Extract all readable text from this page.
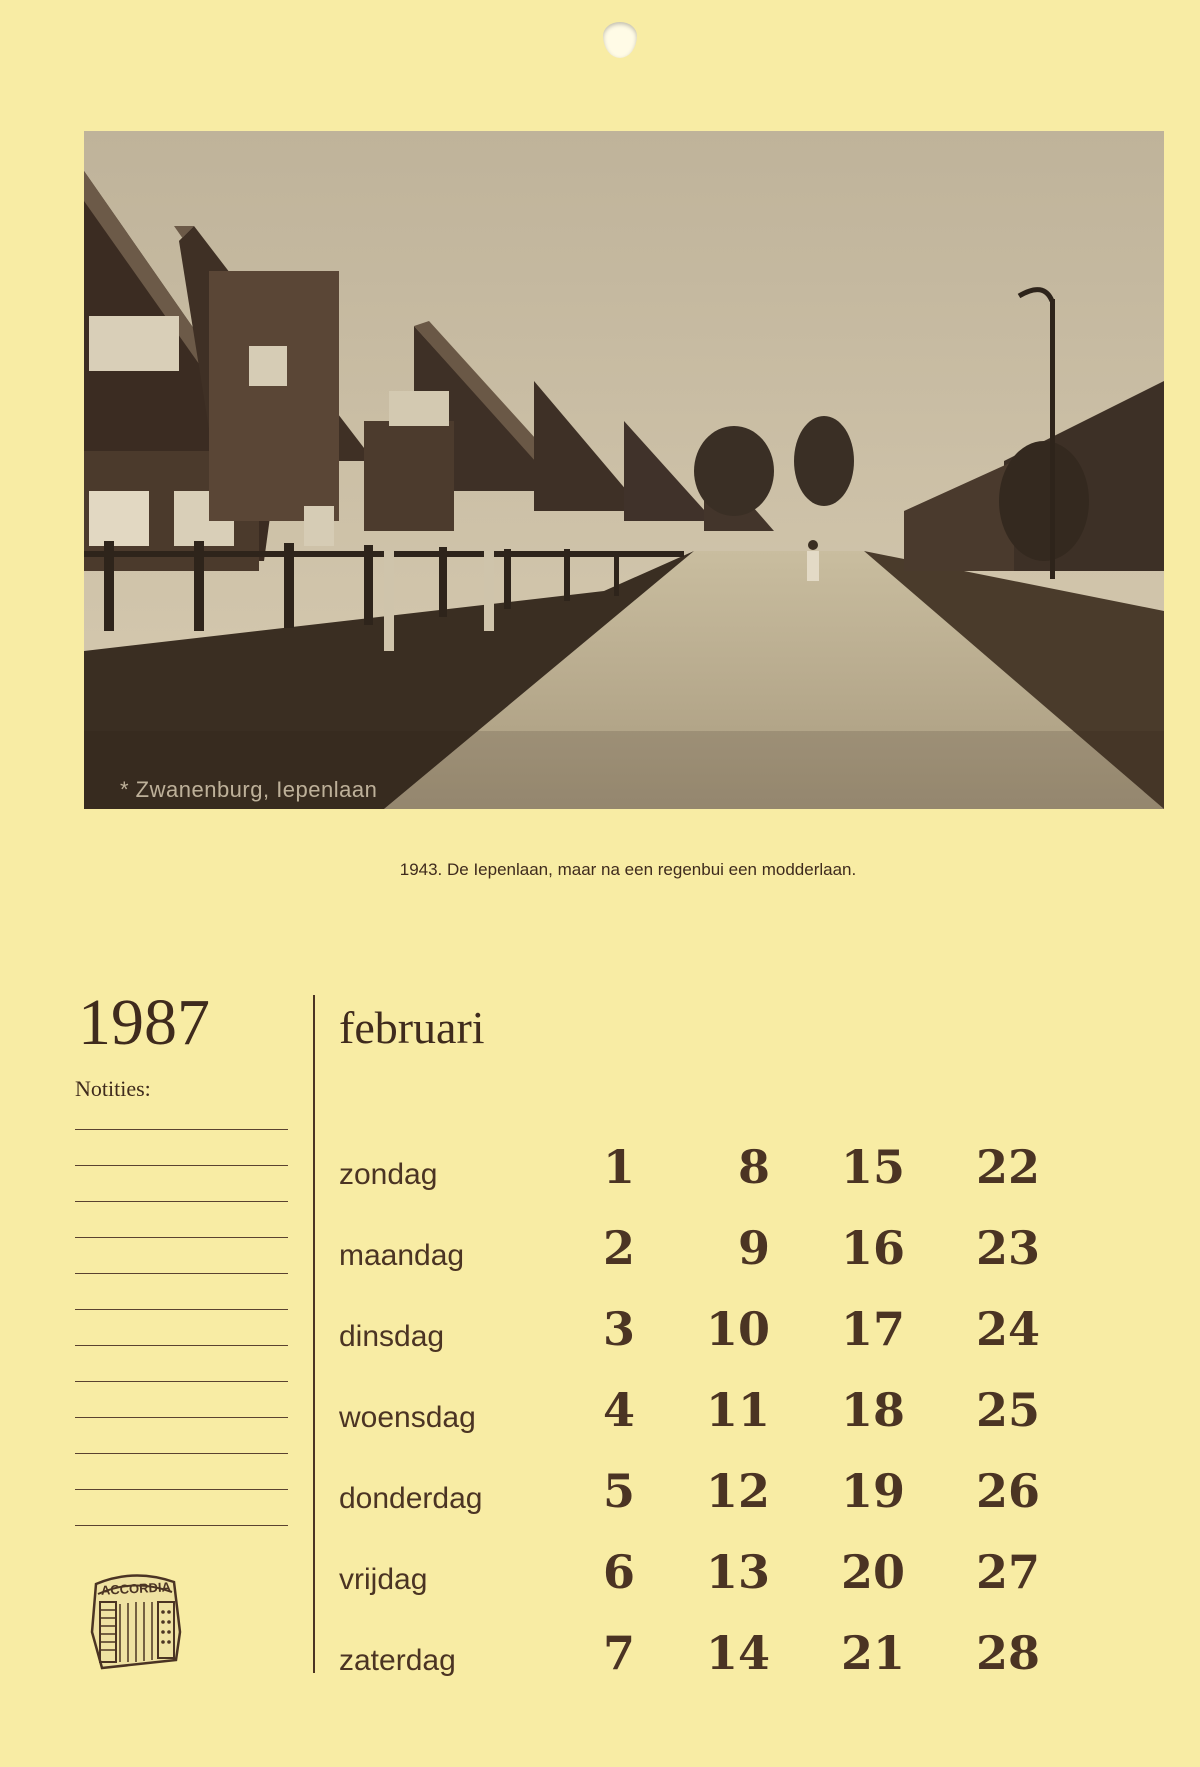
* Zwanenburg, Iepenlaan
1943. De Iepenlaan, maar na een regenbui een modderlaan.
1987
Notities:
ACCORDIA
februari
zondag	1	8	15	22
maandag	2	9	16	23
dinsdag	3	10	17	24
woensdag	4	11	18	25
donderdag	5	12	19	26
vrijdag	6	13	20	27
zaterdag	7	14	21	28
